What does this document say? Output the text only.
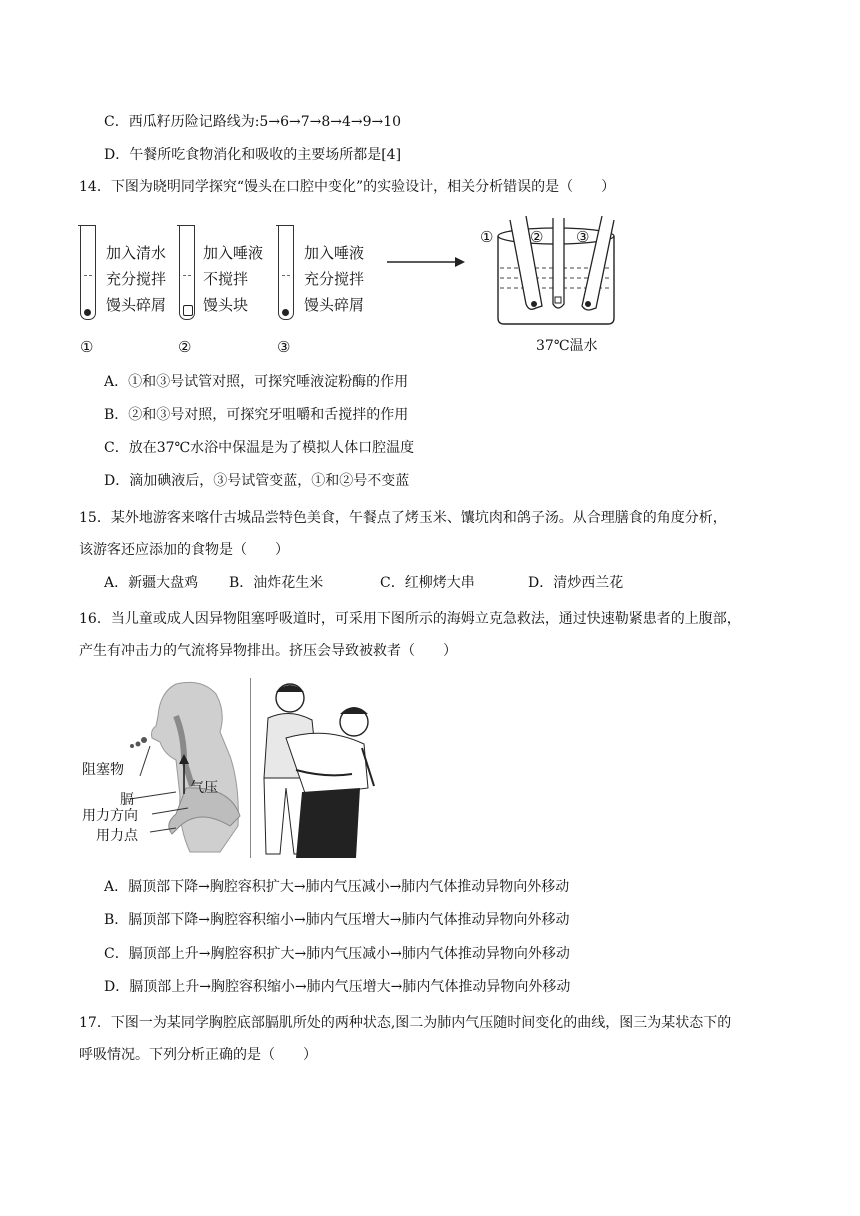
C．西瓜籽历险记路线为:5→6→7→8→4→9→10
D．午餐所吃食物消化和吸收的主要场所都是[4]
14．下图为晓明同学探究“馒头在口腔中变化”的实验设计，相关分析错误的是（　　）
加入清水
充分搅拌
馒头碎屑
①
加入唾液
不搅拌
馒头块
②
加入唾液
充分搅拌
馒头碎屑
③
① ② ③
37℃温水
A．①和③号试管对照，可探究唾液淀粉酶的作用
B．②和③号对照，可探究牙咀嚼和舌搅拌的作用
C．放在37℃水浴中保温是为了模拟人体口腔温度
D．滴加碘液后，③号试管变蓝，①和②号不变蓝
15．某外地游客来喀什古城品尝特色美食，午餐点了烤玉米、馕坑肉和鸽子汤。从合理膳食的角度分析，
该游客还应添加的食物是（　　）
A．新疆大盘鸡 B．油炸花生米	C．红柳烤大串	D．清炒西兰花
16．当儿童或成人因异物阻塞呼吸道时，可采用下图所示的海姆立克急救法，通过快速勒紧患者的上腹部，
产生有冲击力的气流将异物排出。挤压会导致被救者（　　）
阻塞物
气压
膈
用力方向
用力点
A．膈顶部下降→胸腔容积扩大→肺内气压减小→肺内气体推动异物向外移动
B．膈顶部下降→胸腔容积缩小→肺内气压增大→肺内气体推动异物向外移动
C．膈顶部上升→胸腔容积扩大→肺内气压减小→肺内气体推动异物向外移动
D．膈顶部上升→胸腔容积缩小→肺内气压增大→肺内气体推动异物向外移动
17．下图一为某同学胸腔底部膈肌所处的两种状态,图二为肺内气压随时间变化的曲线，图三为某状态下的
呼吸情况。下列分析正确的是（　　）
